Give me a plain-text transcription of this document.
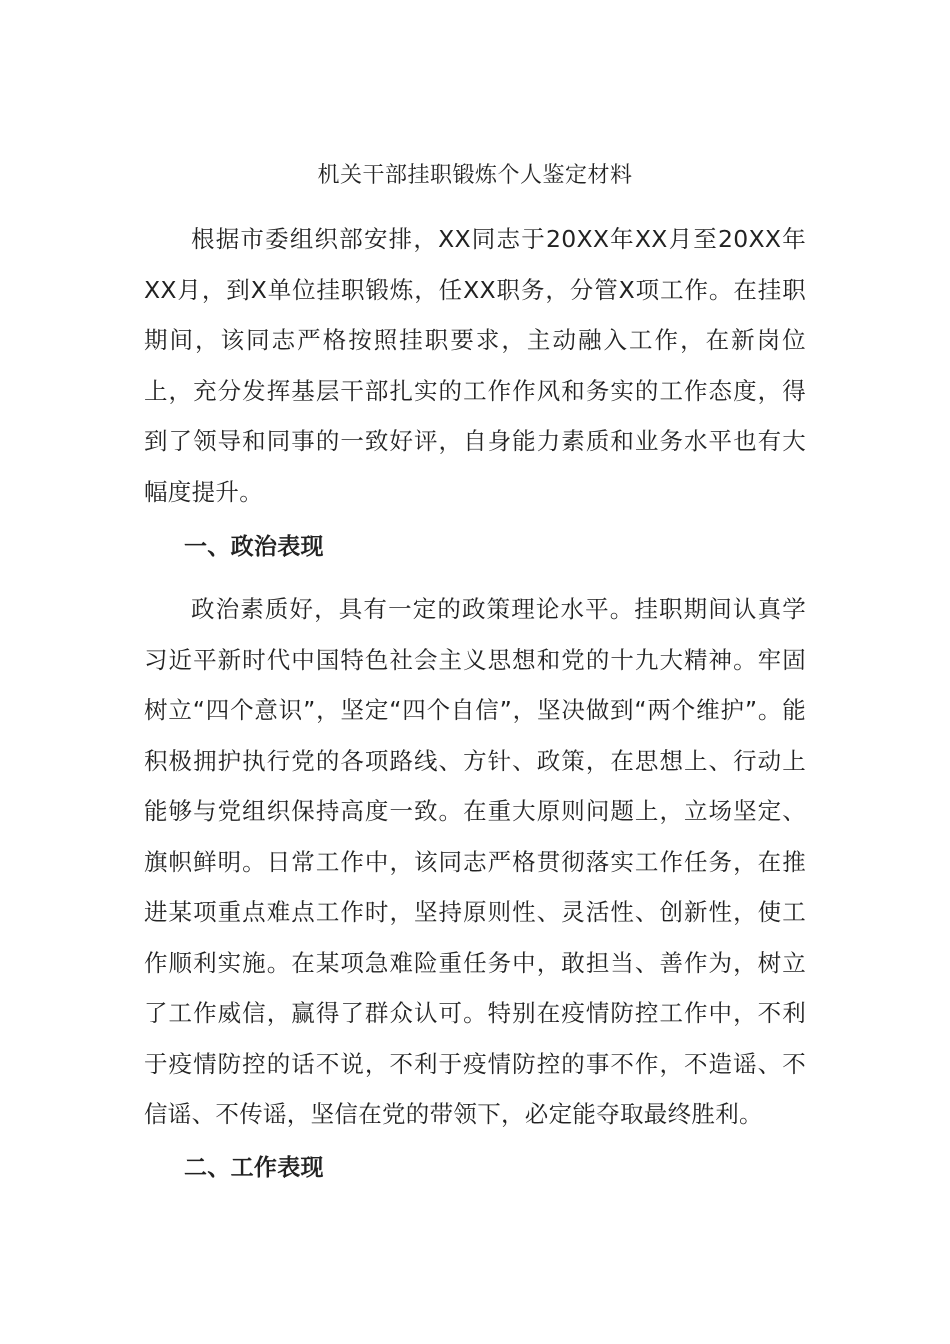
机关干部挂职锻炼个人鉴定材料

根据市委组织部安排，XX同志于20XX年XX月至20XX年XX月，到X单位挂职锻炼，任XX职务，分管X项工作。在挂职期间，该同志严格按照挂职要求，主动融入工作，在新岗位上，充分发挥基层干部扎实的工作作风和务实的工作态度，得到了领导和同事的一致好评，自身能力素质和业务水平也有大幅度提升。

一、政治表现

政治素质好，具有一定的政策理论水平。挂职期间认真学习近平新时代中国特色社会主义思想和党的十九大精神。牢固树立“四个意识”，坚定“四个自信”，坚决做到“两个维护”。能积极拥护执行党的各项路线、方针、政策，在思想上、行动上能够与党组织保持高度一致。在重大原则问题上，立场坚定、旗帜鲜明。日常工作中，该同志严格贯彻落实工作任务，在推进某项重点难点工作时，坚持原则性、灵活性、创新性，使工作顺利实施。在某项急难险重任务中，敢担当、善作为，树立了工作威信，赢得了群众认可。特别在疫情防控工作中，不利于疫情防控的话不说，不利于疫情防控的事不作，不造谣、不信谣、不传谣，坚信在党的带领下，必定能夺取最终胜利。

二、工作表现
